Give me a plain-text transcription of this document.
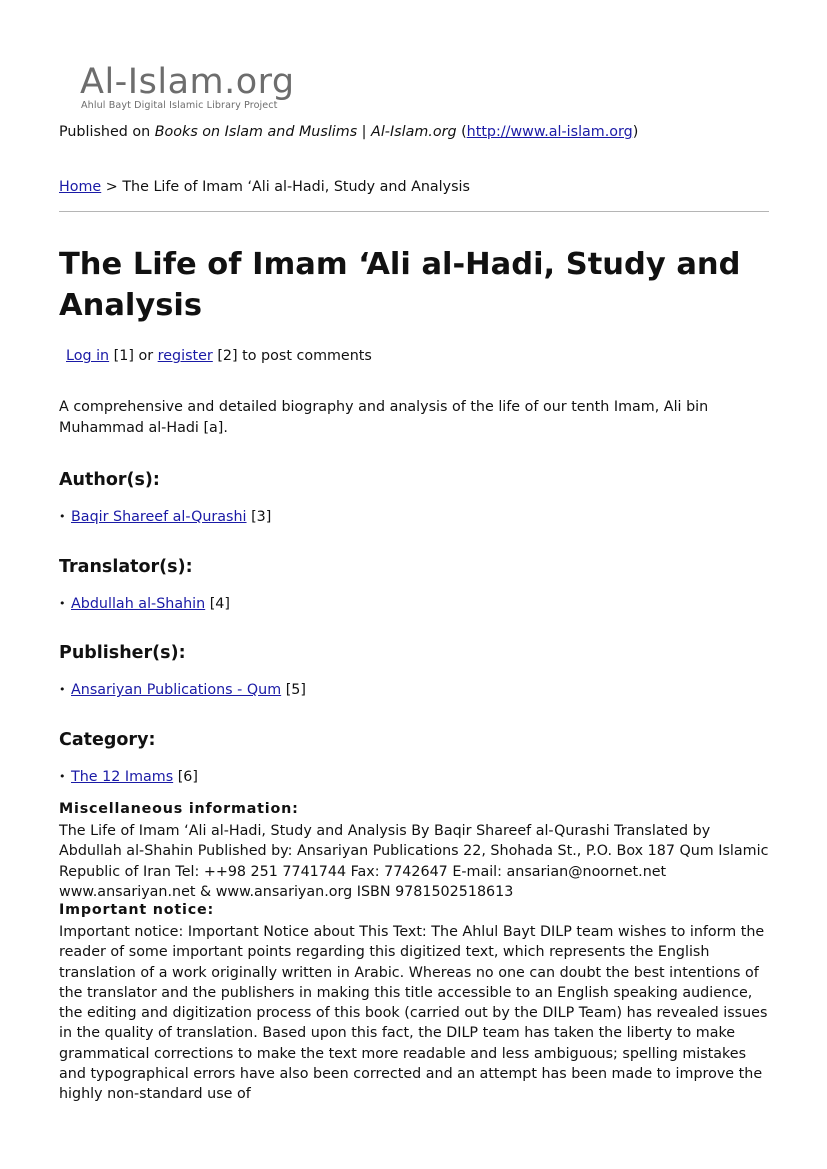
Al-Islam.org
Ahlul Bayt Digital Islamic Library Project
Published on Books on Islam and Muslims | Al-Islam.org (http://www.al-islam.org)
Home > The Life of Imam ‘Ali al-Hadi, Study and Analysis
The Life of Imam ‘Ali al-Hadi, Study and Analysis
Log in [1] or register [2] to post comments
A comprehensive and detailed biography and analysis of the life of our tenth Imam, Ali bin Muhammad al-Hadi [a].
Author(s):
• Baqir Shareef al-Qurashi [3]
Translator(s):
• Abdullah al-Shahin [4]
Publisher(s):
• Ansariyan Publications - Qum [5]
Category:
• The 12 Imams [6]
Miscellaneous information:
The Life of Imam ‘Ali al-Hadi, Study and Analysis By Baqir Shareef al-Qurashi Translated by Abdullah al-Shahin Published by: Ansariyan Publications 22, Shohada St., P.O. Box 187 Qum Islamic Republic of Iran Tel: ++98 251 7741744 Fax: 7742647 E-mail: ansarian@noornet.net www.ansariyan.net & www.ansariyan.org ISBN 9781502518613
Important notice:
Important notice: Important Notice about This Text: The Ahlul Bayt DILP team wishes to inform the reader of some important points regarding this digitized text, which represents the English translation of a work originally written in Arabic. Whereas no one can doubt the best intentions of the translator and the publishers in making this title accessible to an English speaking audience, the editing and digitization process of this book (carried out by the DILP Team) has revealed issues in the quality of translation. Based upon this fact, the DILP team has taken the liberty to make grammatical corrections to make the text more readable and less ambiguous; spelling mistakes and typographical errors have also been corrected and an attempt has been made to improve the highly non-standard use of
